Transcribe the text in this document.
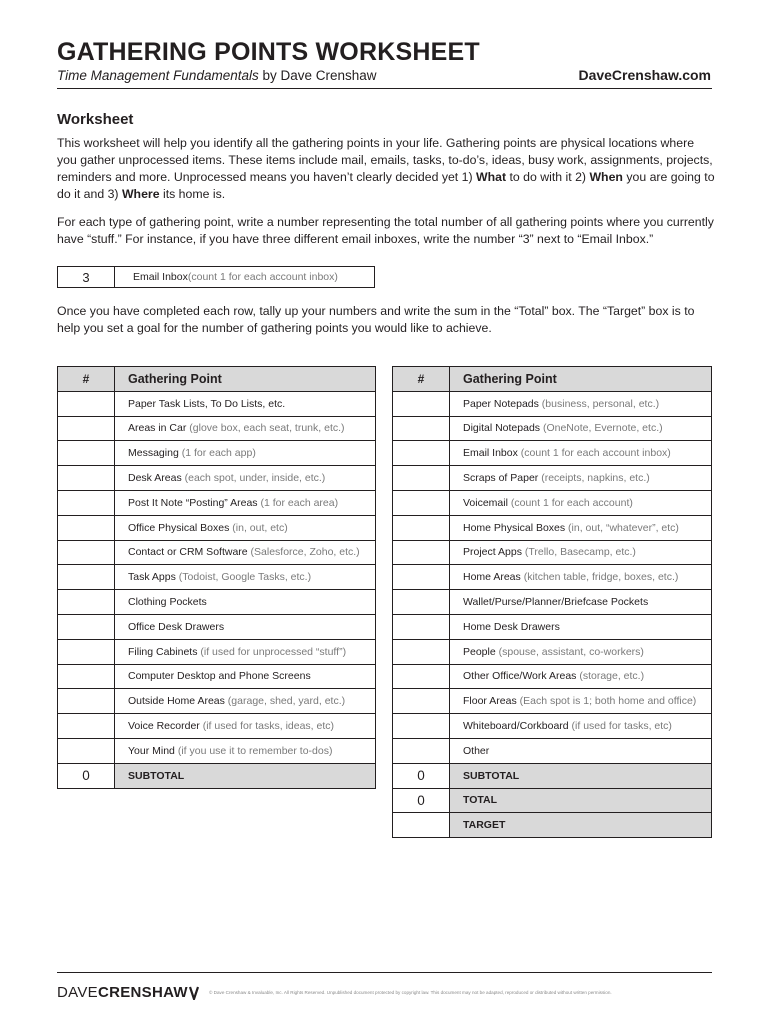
GATHERING POINTS WORKSHEET
Time Management Fundamentals by Dave Crenshaw	DaveCrenshaw.com
Worksheet

This worksheet will help you identify all the gathering points in your life. Gathering points are physical locations where you gather unprocessed items. These items include mail, emails, tasks, to-do’s, ideas, busy work, assignments, projects, reminders and more. Unprocessed means you haven’t clearly decided yet 1) What to do with it 2) When you are going to do it and 3) Where its home is.

For each type of gathering point, write a number representing the total number of all gathering points where you currently have “stuff.” For instance, if you have three different email inboxes, write the number “3” next to “Email Inbox.”

3	Email Inbox (count 1 for each account inbox)

Once you have completed each row, tally up your numbers and write the sum in the “Total” box. The “Target” box is to help you set a goal for the number of gathering points you would like to achieve.

#	Gathering Point
	Paper Task Lists, To Do Lists, etc.
	Areas in Car (glove box, each seat, trunk, etc.)
	Messaging (1 for each app)
	Desk Areas (each spot, under, inside, etc.)
	Post It Note “Posting” Areas (1 for each area)
	Office Physical Boxes (in, out, etc)
	Contact or CRM Software (Salesforce, Zoho, etc.)
	Task Apps (Todoist, Google Tasks, etc.)
	Clothing Pockets
	Office Desk Drawers
	Filing Cabinets (if used for unprocessed “stuff”)
	Computer Desktop and Phone Screens
	Outside Home Areas (garage, shed, yard, etc.)
	Voice Recorder (if used for tasks, ideas, etc)
	Your Mind (if you use it to remember to-dos)
0	SUBTOTAL
#	Gathering Point
	Paper Notepads (business, personal, etc.)
	Digital Notepads (OneNote, Evernote, etc.)
	Email Inbox (count 1 for each account inbox)
	Scraps of Paper (receipts, napkins, etc.)
	Voicemail (count 1 for each account)
	Home Physical Boxes (in, out, “whatever”, etc)
	Project Apps (Trello, Basecamp, etc.)
	Home Areas (kitchen table, fridge, boxes, etc.)
	Wallet/Purse/Planner/Briefcase Pockets
	Home Desk Drawers
	People (spouse, assistant, co-workers)
	Other Office/Work Areas (storage, etc.)
	Floor Areas (Each spot is 1; both home and office)
	Whiteboard/Corkboard (if used for tasks, etc)
	Other
0	SUBTOTAL
0	TOTAL
	TARGET
DAVE CRENSHAW	© Dave Crenshaw & Invaluable, Inc. All Rights Reserved. Unpublished document protected by copyright law. This document may not be adapted, reproduced or distributed without written permission.
